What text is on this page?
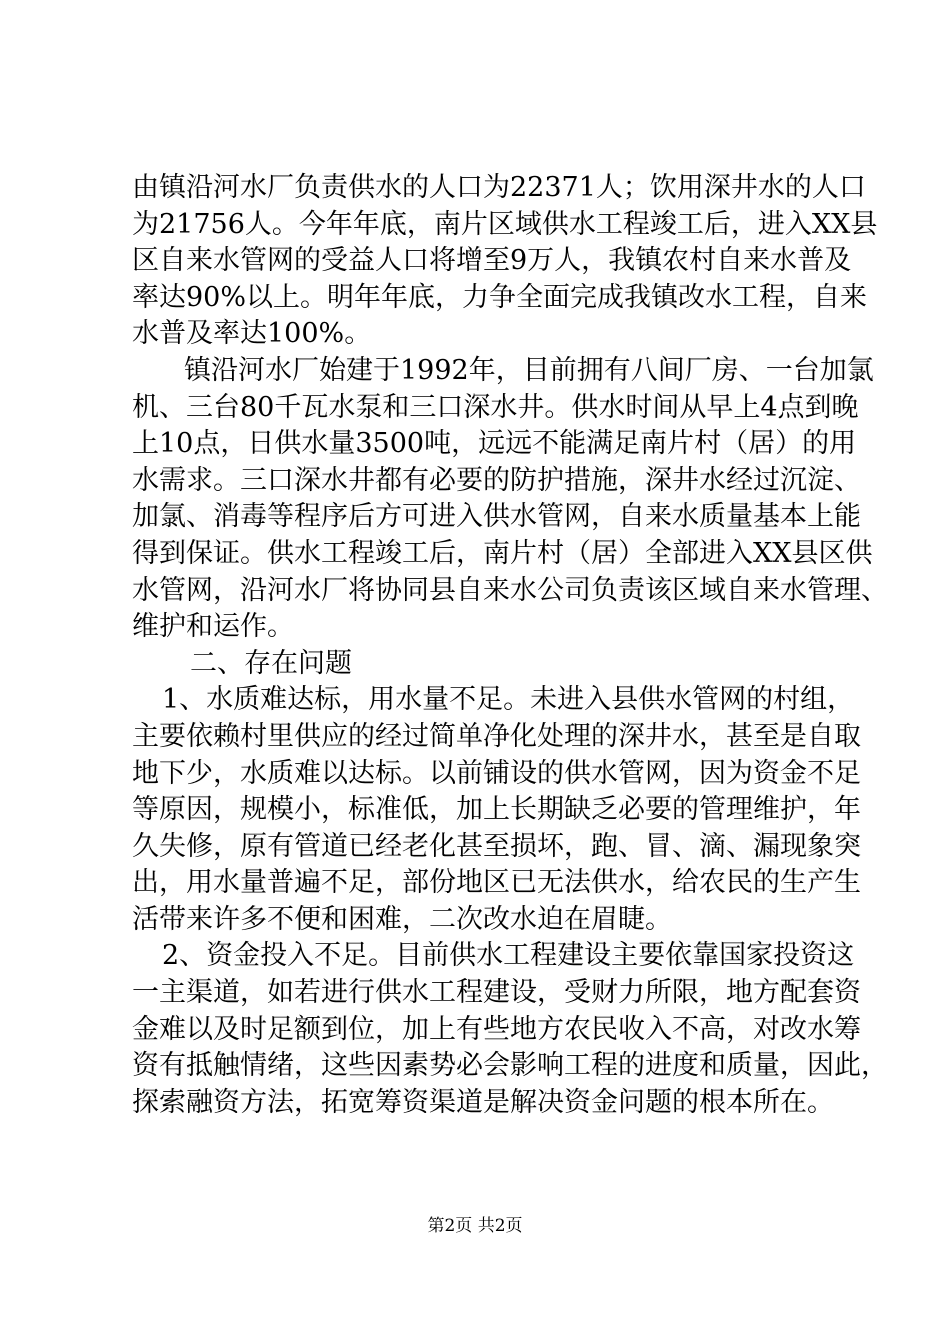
由镇沿河水厂负责供水的人口为22371人；饮用深井水的人口
为21756人。今年年底，南片区域供水工程竣工后，进入XX县
区自来水管网的受益人口将增至9万人，我镇农村自来水普及
率达90%以上。明年年底，力争全面完成我镇改水工程，自来
水普及率达100%。
镇沿河水厂始建于1992年，目前拥有八间厂房、一台加氯
机、三台80千瓦水泵和三口深水井。供水时间从早上4点到晚
上10点，日供水量3500吨，远远不能满足南片村（居）的用
水需求。三口深水井都有必要的防护措施，深井水经过沉淀、
加氯、消毒等程序后方可进入供水管网，自来水质量基本上能
得到保证。供水工程竣工后，南片村（居）全部进入XX县区供
水管网，沿河水厂将协同县自来水公司负责该区域自来水管理、
维护和运作。
二、存在问题
1、水质难达标，用水量不足。未进入县供水管网的村组，
主要依赖村里供应的经过简单净化处理的深井水，甚至是自取
地下少，水质难以达标。以前铺设的供水管网，因为资金不足
等原因，规模小，标准低，加上长期缺乏必要的管理维护，年
久失修，原有管道已经老化甚至损坏，跑、冒、滴、漏现象突
出，用水量普遍不足，部份地区已无法供水，给农民的生产生
活带来许多不便和困难，二次改水迫在眉睫。
2、资金投入不足。目前供水工程建设主要依靠国家投资这
一主渠道，如若进行供水工程建设，受财力所限，地方配套资
金难以及时足额到位，加上有些地方农民收入不高，对改水筹
资有抵触情绪，这些因素势必会影响工程的进度和质量，因此，
探索融资方法，拓宽筹资渠道是解决资金问题的根本所在。
第2页 共2页
